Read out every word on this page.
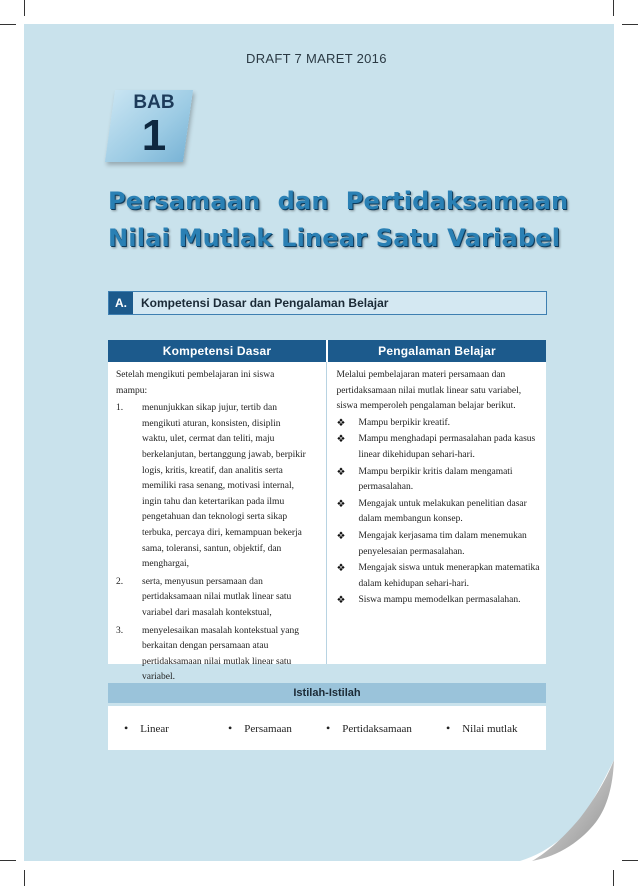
DRAFT 7 MARET 2016
BAB
1
Persamaan  dan  Pertidaksamaan
Nilai Mutlak Linear Satu Variabel
A.	Kompetensi Dasar dan Pengalaman Belajar
Kompetensi Dasar	Pengalaman Belajar
Setelah mengikuti pembelajaran ini siswa mampu:
1.	menunjukkan sikap jujur, tertib dan mengikuti aturan, konsisten, disiplin waktu, ulet, cermat dan teliti, maju berkelanjutan, bertanggung jawab, berpikir logis, kritis, kreatif, dan analitis serta memiliki rasa senang, motivasi internal, ingin tahu dan ketertarikan pada ilmu pengetahuan dan teknologi serta sikap terbuka, percaya diri, kemampuan bekerja sama, toleransi, santun, objektif, dan menghargai,
2.	serta, menyusun persamaan dan pertidaksamaan nilai mutlak linear satu variabel dari masalah kontekstual,
3.	menyelesaikan masalah kontekstual yang berkaitan dengan persamaan atau pertidaksamaan nilai mutlak linear satu variabel.
Melalui pembelajaran materi persamaan dan pertidaksamaan nilai mutlak linear satu variabel, siswa memperoleh pengalaman belajar berikut.
❖	Mampu berpikir kreatif.
❖	Mampu menghadapi permasalahan pada kasus linear dikehidupan sehari-hari.
❖	Mampu berpikir kritis dalam mengamati permasalahan.
❖	Mengajak untuk melakukan penelitian dasar dalam membangun konsep.
❖	Mengajak kerjasama tim dalam menemukan penyelesaian permasalahan.
❖	Mengajak siswa untuk menerapkan matematika dalam kehidupan sehari-hari.
❖	Siswa mampu memodelkan permasalahan.
Istilah-Istilah
• Linear	• Persamaan	• Pertidaksamaan	• Nilai mutlak
